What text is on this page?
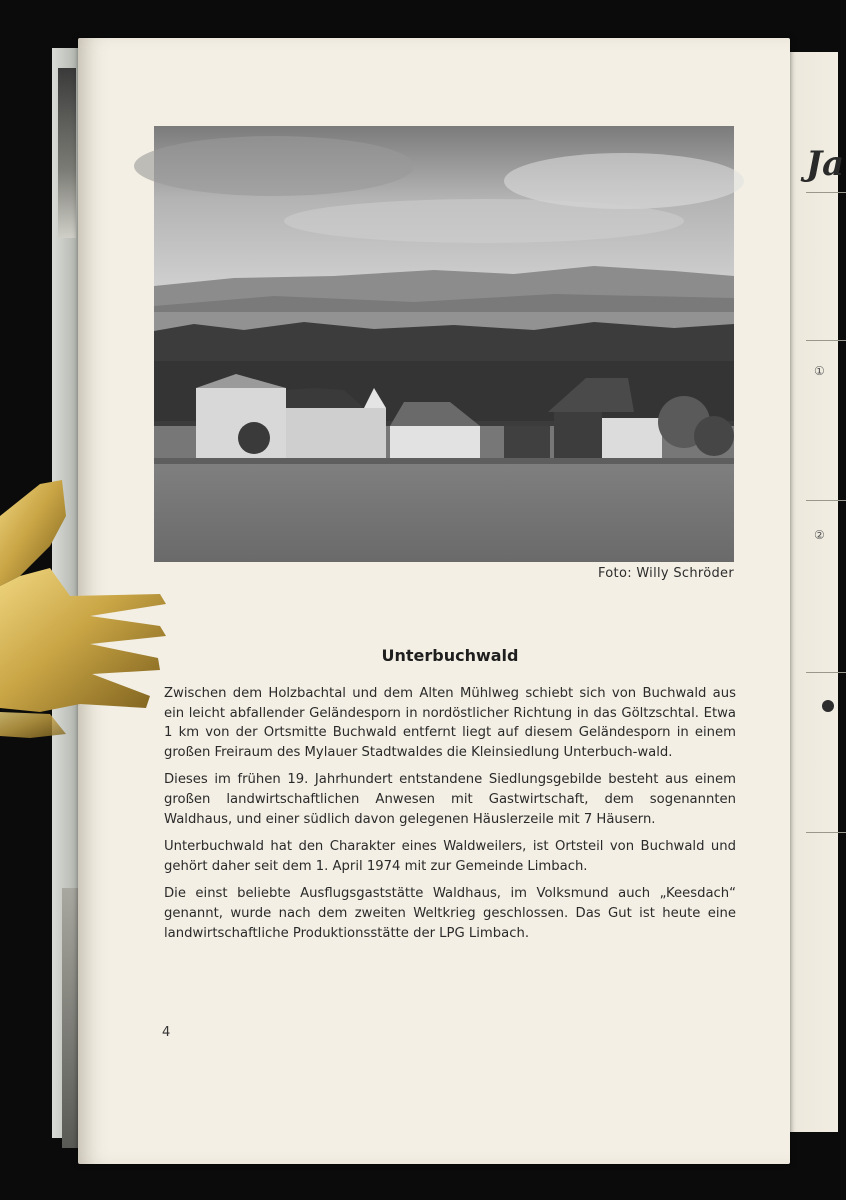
Ja
①
②
Foto: Willy Schröder
Unterbuchwald

Zwischen dem Holzbachtal und dem Alten Mühlweg schiebt sich von Buchwald aus ein leicht abfallender Geländesporn in nordöstlicher Richtung in das Göltzschtal. Etwa 1 km von der Ortsmitte Buchwald entfernt liegt auf diesem Geländesporn in einem großen Freiraum des Mylauer Stadtwaldes die Kleinsiedlung Unterbuch-wald.

Dieses im frühen 19. Jahrhundert entstandene Siedlungsgebilde besteht aus einem großen landwirtschaftlichen Anwesen mit Gastwirtschaft, dem sogenannten Waldhaus, und einer südlich davon gelegenen Häuslerzeile mit 7 Häusern.

Unterbuchwald hat den Charakter eines Waldweilers, ist Ortsteil von Buchwald und gehört daher seit dem 1. April 1974 mit zur Gemeinde Limbach.

Die einst beliebte Ausflugsgaststätte Waldhaus, im Volksmund auch „Keesdach“ genannt, wurde nach dem zweiten Weltkrieg geschlossen. Das Gut ist heute eine landwirtschaftliche Produktionsstätte der LPG Limbach.

4
